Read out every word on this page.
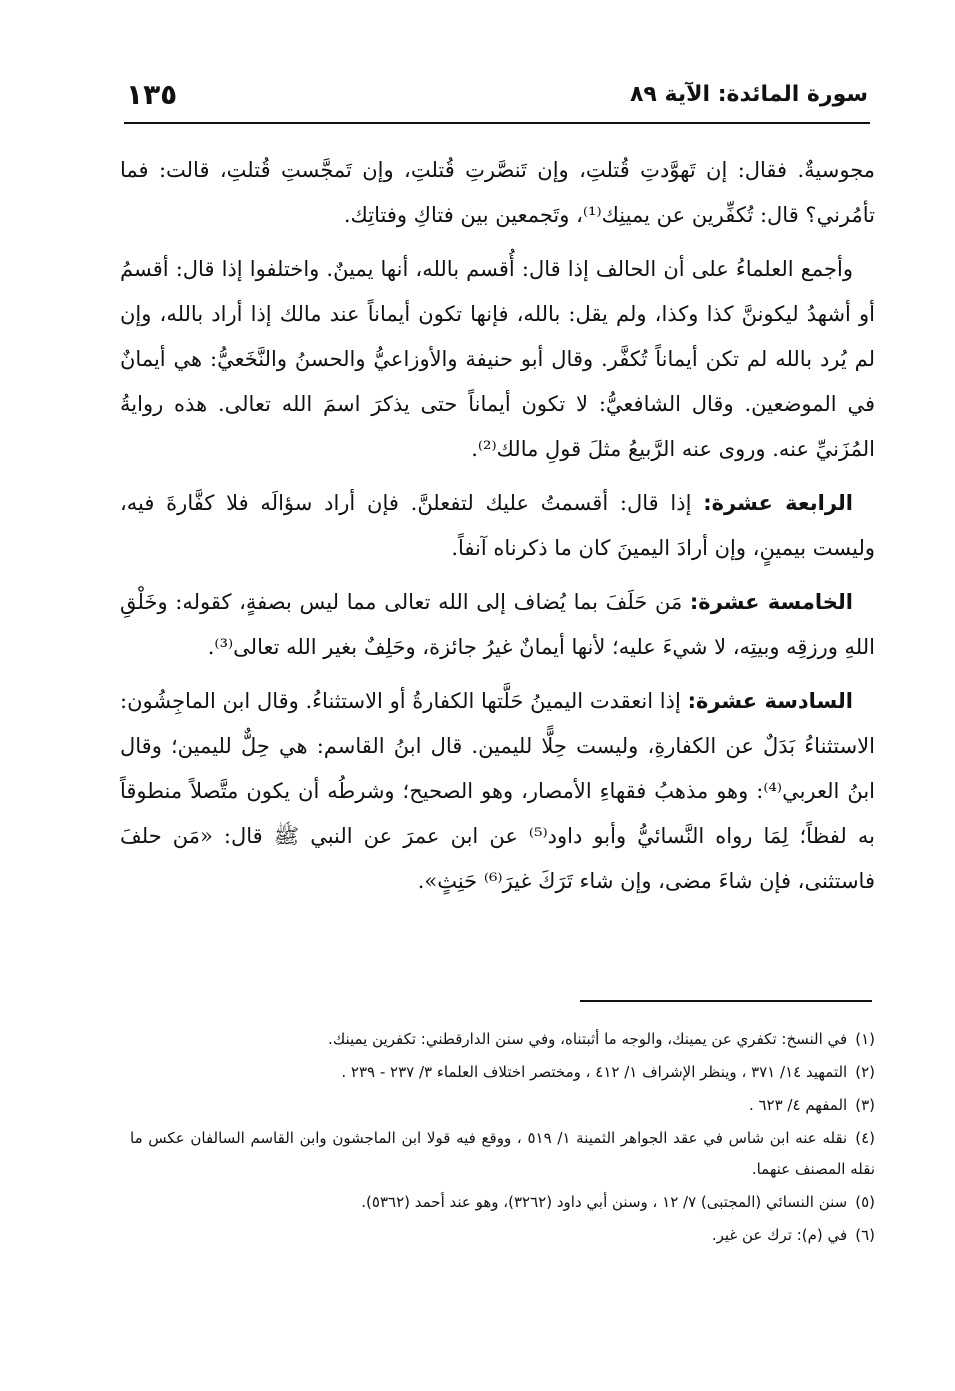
سورة المائدة: الآية ٨٩
١٣٥

مجوسيةٌ. فقال: إن تَهوَّدتِ قُتلتِ، وإن تَنصَّرتِ قُتلتِ، وإن تَمجَّستِ قُتلتِ، قالت: فما تأمُرني؟ قال: تُكفِّرين عن يمينِك⁽¹⁾، وتَجمعين بين فتاكِ وفتاتِك.

وأجمع العلماءُ على أن الحالف إذا قال: أُقسم بالله، أنها يمينٌ. واختلفوا إذا قال: أقسمُ أو أشهدُ ليكوننَّ كذا وكذا، ولم يقل: بالله، فإنها تكون أيماناً عند مالك إذا أراد بالله، وإن لم يُرد بالله لم تكن أيماناً تُكفَّر. وقال أبو حنيفة والأوزاعيُّ والحسنُ والنَّخَعيُّ: هي أيمانٌ في الموضعين. وقال الشافعيُّ: لا تكون أيماناً حتى يذكرَ اسمَ الله تعالى. هذه روايةُ المُزَنيِّ عنه. وروى عنه الرَّبيعُ مثلَ قولِ مالك⁽²⁾.

الرابعة عشرة: إذا قال: أقسمتُ عليك لتفعلنَّ. فإن أراد سؤالَه فلا كفَّارةَ فيه، وليست بيمينٍ، وإن أرادَ اليمينَ كان ما ذكرناه آنفاً.

الخامسة عشرة: مَن حَلَفَ بما يُضاف إلى الله تعالى مما ليس بصفةٍ، كقوله: وخَلْقِ اللهِ ورزقِه وبيتِه، لا شيءَ عليه؛ لأنها أيمانٌ غيرُ جائزة، وحَلِفٌ بغير الله تعالى⁽³⁾.

السادسة عشرة: إذا انعقدت اليمينُ حَلَّتها الكفارةُ أو الاستثناءُ. وقال ابن الماجِشُون: الاستثناءُ بَدَلٌ عن الكفارةِ، وليست حِلًّا لليمين. قال ابنُ القاسم: هي حِلٌّ لليمين؛ وقال ابنُ العربي⁽⁴⁾: وهو مذهبُ فقهاءِ الأمصار، وهو الصحيح؛ وشرطُه أن يكون متَّصلاً منطوقاً به لفظاً؛ لِمَا رواه النَّسائيُّ وأبو داود⁽⁵⁾ عن ابن عمرَ عن النبي ﷺ قال: «مَن حلفَ فاستثنى، فإن شاءَ مضى، وإن شاء تَرَكَ غيرَ⁽⁶⁾ حَنِثٍ».

(١)في النسخ: تكفري عن يمينك، والوجه ما أثبتناه، وفي سنن الدارقطني: تكفرين يمينك.
(٢)التمهيد ١٤/ ٣٧١ ، وينظر الإشراف ١/ ٤١٢ ، ومختصر اختلاف العلماء ٣/ ٢٣٧ - ٢٣٩ .
(٣)المفهم ٤/ ٦٢٣ .
(٤)نقله عنه ابن شاس في عقد الجواهر الثمينة ١/ ٥١٩ ، ووقع فيه قولا ابن الماجشون وابن القاسم السالفان عكس ما نقله المصنف عنهما.
(٥)سنن النسائي (المجتبى) ٧/ ١٢ ، وسنن أبي داود (٣٢٦٢)، وهو عند أحمد (٥٣٦٢).
(٦)في (م): ترك عن غير.
